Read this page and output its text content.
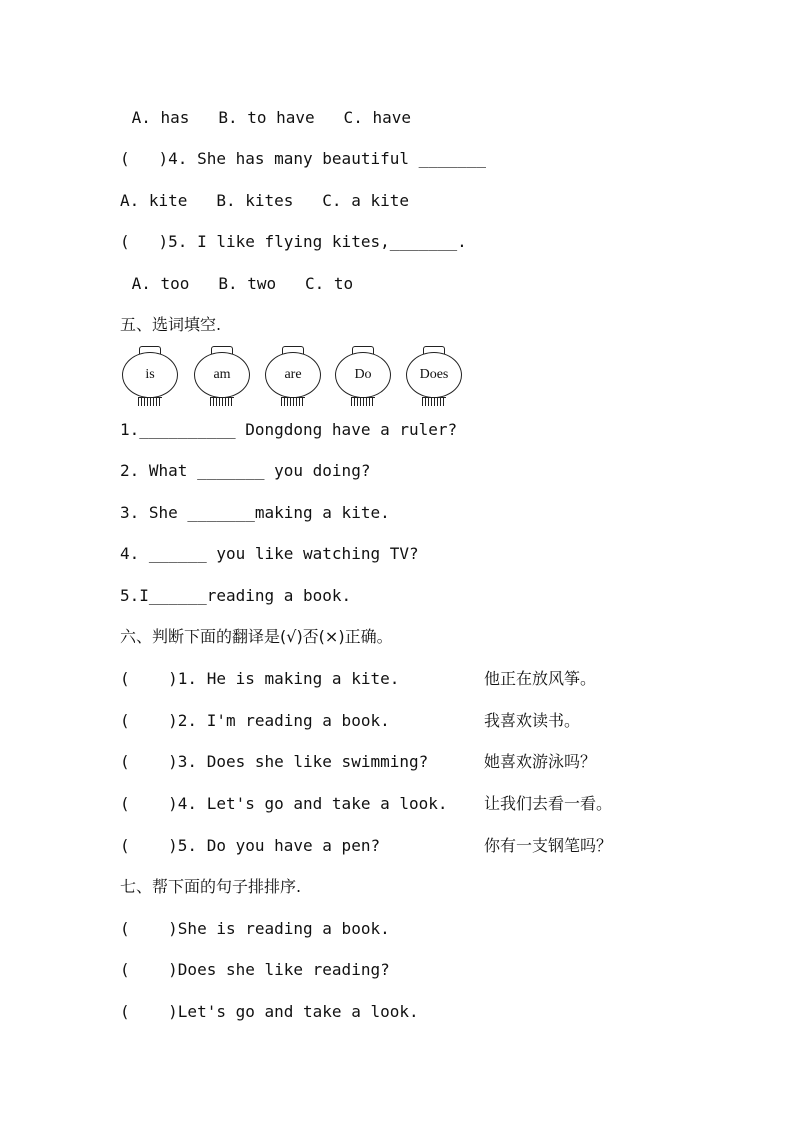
A. has   B. to have   C. have
(   )4. She has many beautiful _______
A. kite   B. kites   C. a kite
(   )5. I like flying kites,_______.
A. too   B. two   C. to
五、选词填空.
is	am	are	Do	Does
1.__________ Dongdong have a ruler?
2. What _______ you doing?
3. She _______making a kite.
4. ______ you like watching TV?
5.I______reading a book.
六、判断下面的翻译是(√)否(×)正确。
(    )1. He is making a kite.	他正在放风筝。
(    )2. I'm reading a book.	我喜欢读书。
(    )3. Does she like swimming?	她喜欢游泳吗？
(    )4. Let's go and take a look. 让我们去看一看。
(    )5. Do you have a pen?	你有一支钢笔吗？
七、帮下面的句子排排序.
(    )She is reading a book.
(    )Does she like reading?
(    )Let's go and take a look.
